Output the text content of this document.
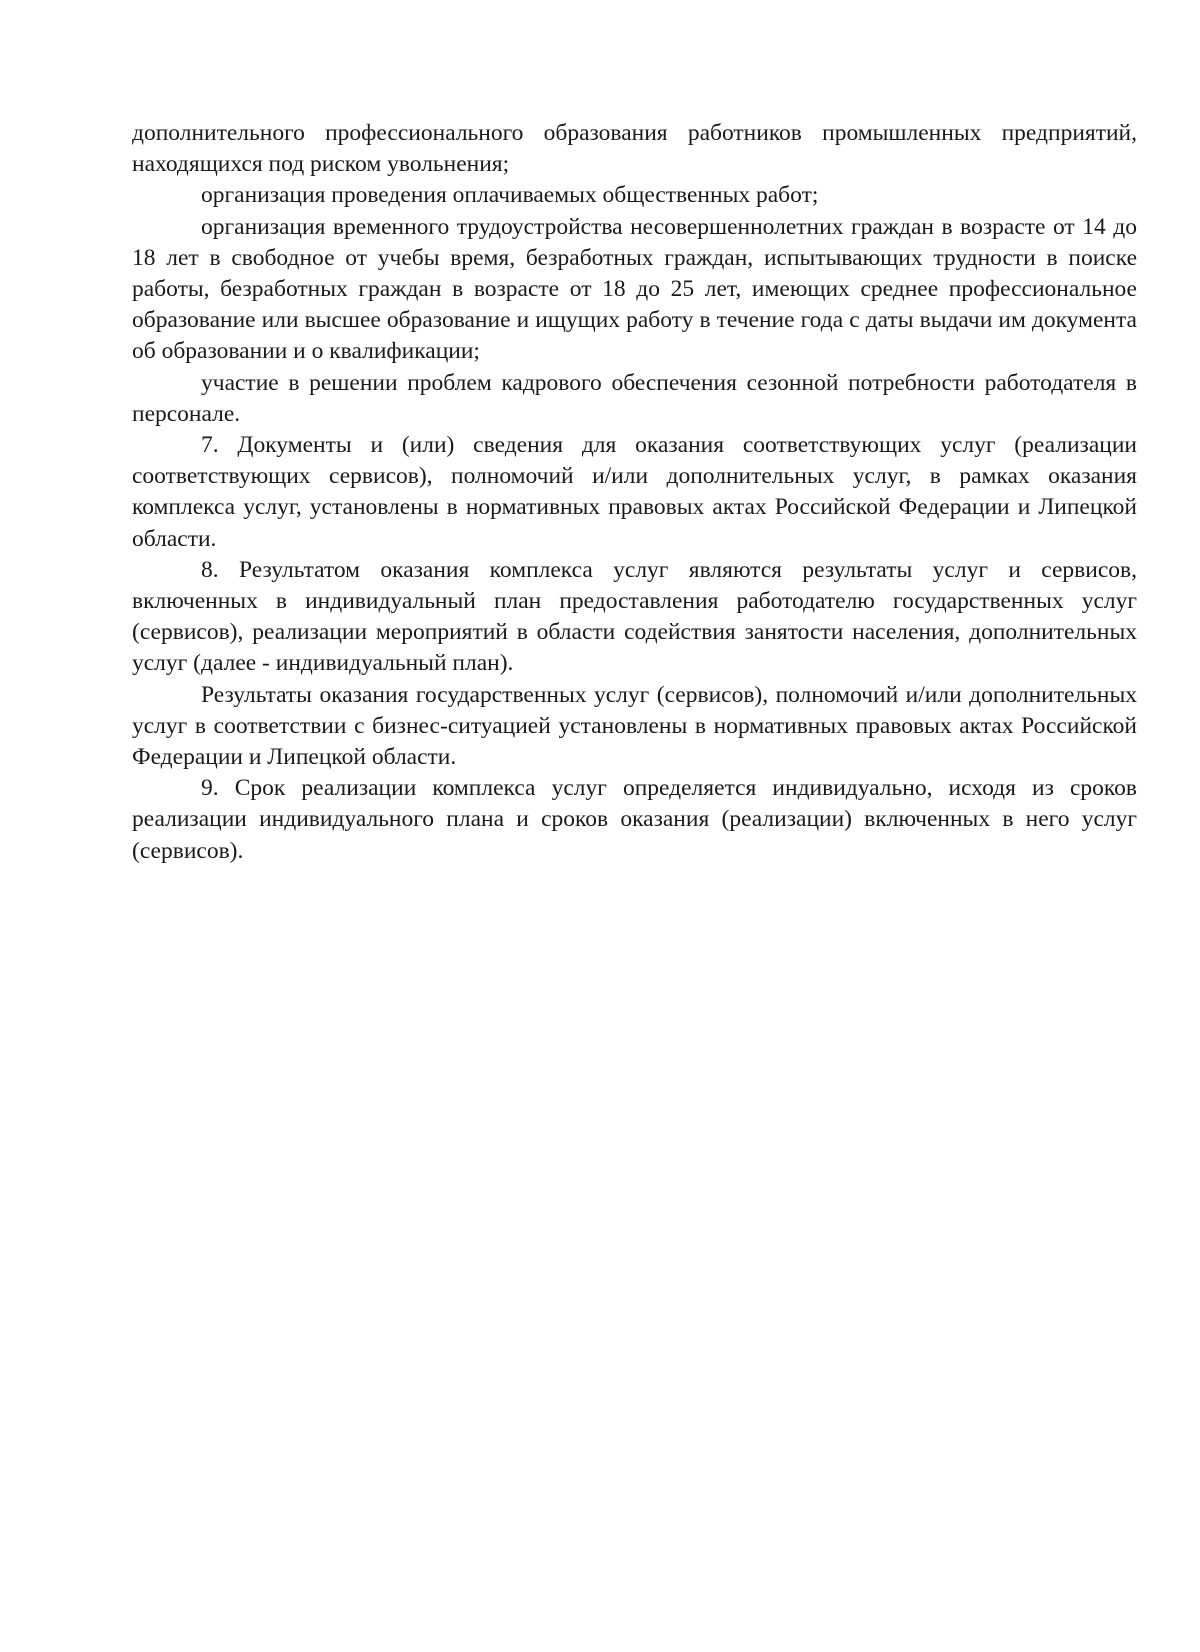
дополнительного профессионального образования работников промышленных предприятий, находящихся под риском увольнения;

организация проведения оплачиваемых общественных работ;

организация временного трудоустройства несовершеннолетних граждан в возрасте от 14 до 18 лет в свободное от учебы время, безработных граждан, испытывающих трудности в поиске работы, безработных граждан в возрасте от 18 до 25 лет, имеющих среднее профессиональное образование или высшее образование и ищущих работу в течение года с даты выдачи им документа об образовании и о квалификации;

участие в решении проблем кадрового обеспечения сезонной потребности работодателя в персонале.

7. Документы и (или) сведения для оказания соответствующих услуг (реализации соответствующих сервисов), полномочий и/или дополнительных услуг, в рамках оказания комплекса услуг, установлены в нормативных правовых актах Российской Федерации и Липецкой области.

8. Результатом оказания комплекса услуг являются результаты услуг и сервисов, включенных в индивидуальный план предоставления работодателю государственных услуг (сервисов), реализации мероприятий в области содействия занятости населения, дополнительных услуг (далее - индивидуальный план).

Результаты оказания государственных услуг (сервисов), полномочий и/или дополнительных услуг в соответствии с бизнес-ситуацией установлены в нормативных правовых актах Российской Федерации и Липецкой области.

9. Срок реализации комплекса услуг определяется индивидуально, исходя из сроков реализации индивидуального плана и сроков оказания (реализации) включенных в него услуг (сервисов).
